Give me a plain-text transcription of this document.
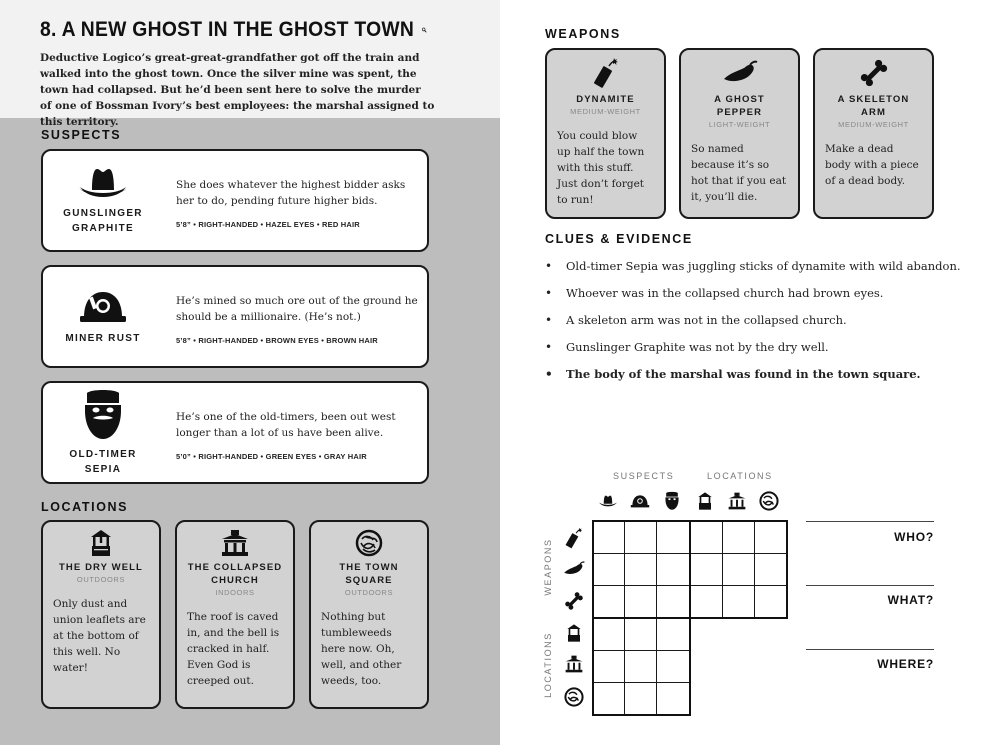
8. A NEW GHOST IN THE GHOST TOWN
Deductive Logico’s great-great-grandfather got off the train and walked into the ghost town. Once the silver mine was spent, the town had collapsed. But he’d been sent here to solve the murder of one of Bossman Ivory’s best employees: the marshal assigned to this territory.
SUSPECTS
GUNSLINGER GRAPHITE
She does whatever the highest bidder asks her to do, pending future higher bids.
5’8” • RIGHT-HANDED • HAZEL EYES • RED HAIR
MINER RUST
He’s mined so much ore out of the ground he should be a millionaire. (He’s not.)
5’8” • RIGHT-HANDED • BROWN EYES • BROWN HAIR
OLD-TIMER SEPIA
He’s one of the old-timers, been out west longer than a lot of us have been alive.
5’0” • RIGHT-HANDED • GREEN EYES • GRAY HAIR
LOCATIONS
THE DRY WELL
OUTDOORS
Only dust and union leaflets are at the bottom of this well. No water!
THE COLLAPSED CHURCH
INDOORS
The roof is caved in, and the bell is cracked in half. Even God is creeped out.
THE TOWN SQUARE
OUTDOORS
Nothing but tumbleweeds here now. Oh, well, and other weeds, too.
WEAPONS
DYNAMITE
MEDIUM-WEIGHT
You could blow up half the town with this stuff. Just don’t forget to run!
A GHOST PEPPER
LIGHT-WEIGHT
So named because it’s so hot that if you eat it, you’ll die.
A SKELETON ARM
MEDIUM-WEIGHT
Make a dead body with a piece of a dead body.
CLUES & EVIDENCE
• Old-timer Sepia was juggling sticks of dynamite with wild abandon.
• Whoever was in the collapsed church had brown eyes.
• A skeleton arm was not in the collapsed church.
• Gunslinger Graphite was not by the dry well.
• The body of the marshal was found in the town square.
SUSPECTS	LOCATIONS
WEAPONS
LOCATIONS
WHO?
WHAT?
WHERE?
